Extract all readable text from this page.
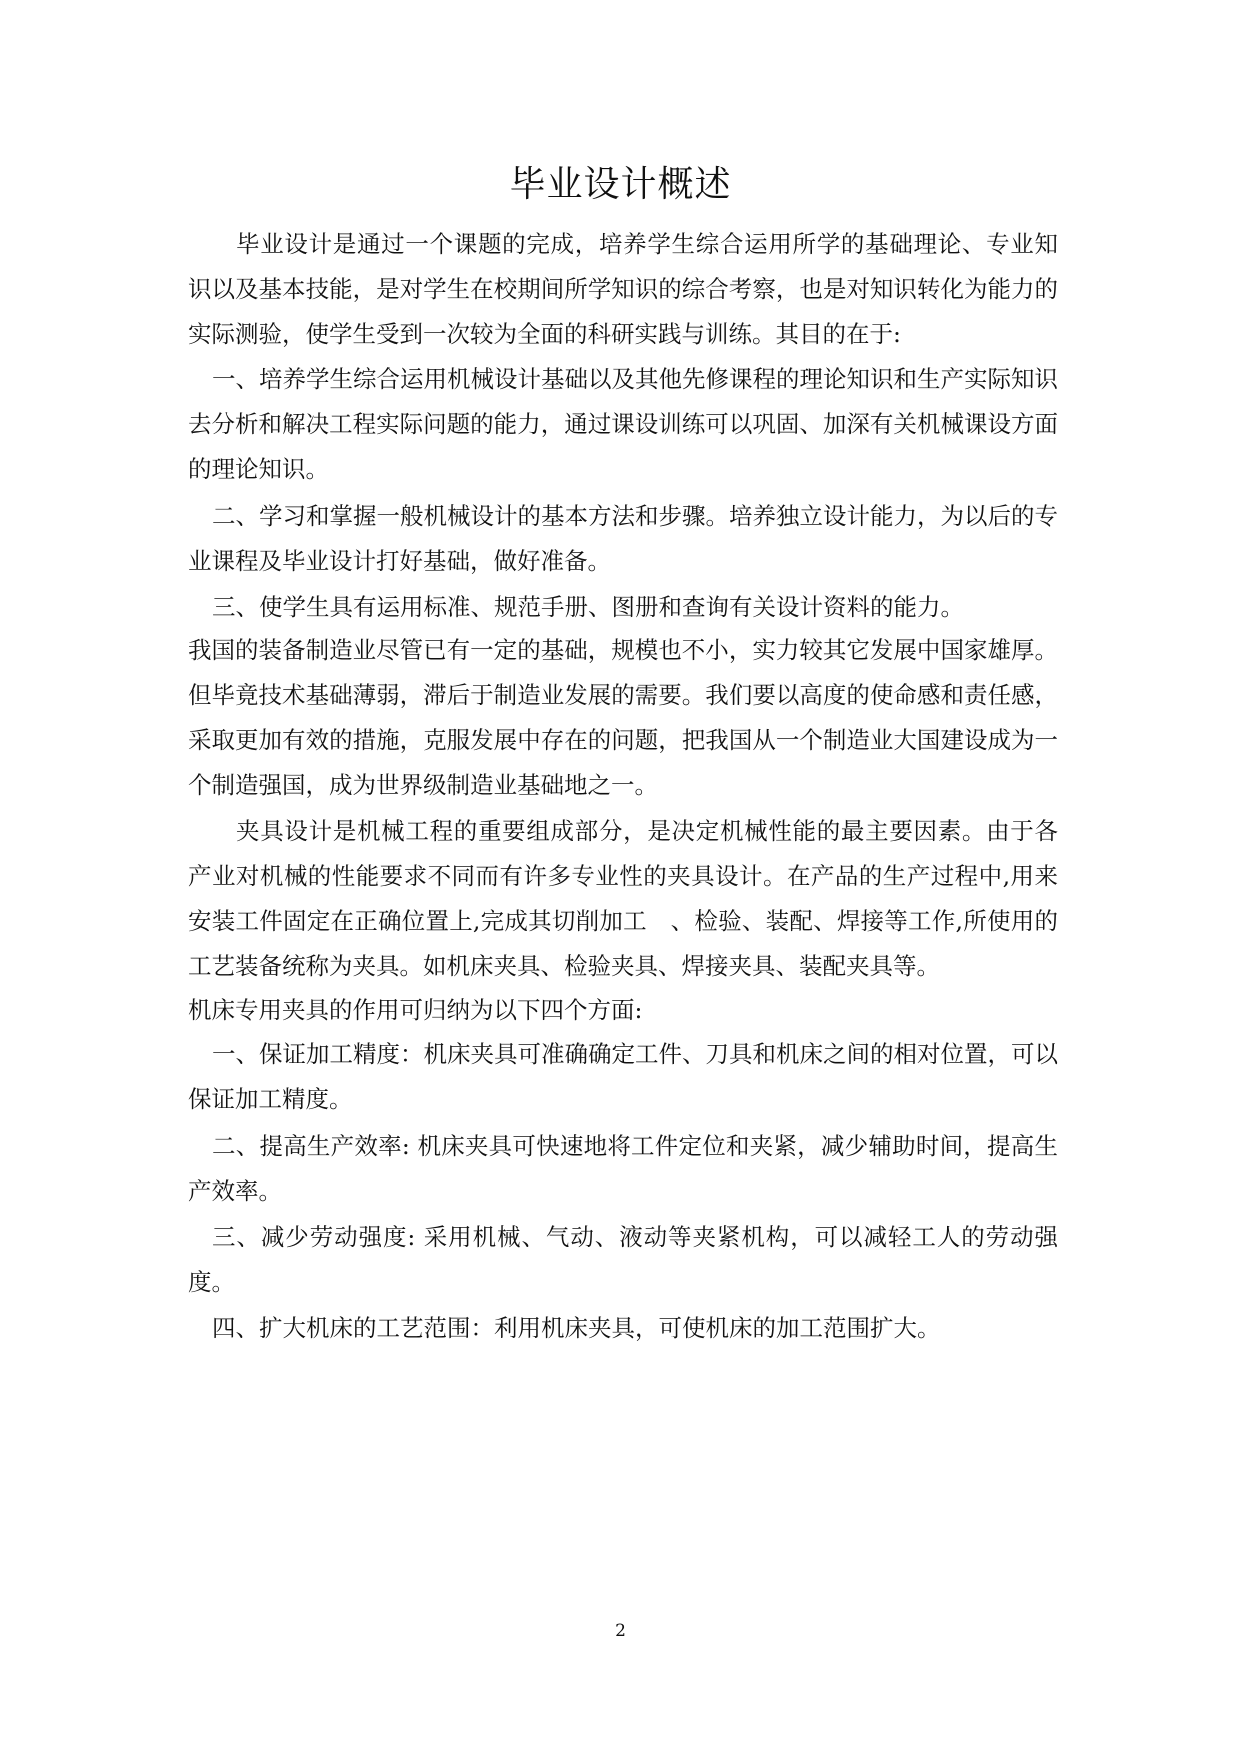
毕业设计概述

毕业设计是通过一个课题的完成，培养学生综合运用所学的基础理论、专业知识以及基本技能，是对学生在校期间所学知识的综合考察，也是对知识转化为能力的实际测验，使学生受到一次较为全面的科研实践与训练。其目的在于:

一、培养学生综合运用机械设计基础以及其他先修课程的理论知识和生产实际知识去分析和解决工程实际问题的能力，通过课设训练可以巩固、加深有关机械课设方面的理论知识。

二、学习和掌握一般机械设计的基本方法和步骤。培养独立设计能力，为以后的专业课程及毕业设计打好基础，做好准备。

三、使学生具有运用标准、规范手册、图册和查询有关设计资料的能力。

我国的装备制造业尽管已有一定的基础，规模也不小，实力较其它发展中国家雄厚。但毕竟技术基础薄弱，滞后于制造业发展的需要。我们要以高度的使命感和责任感，采取更加有效的措施，克服发展中存在的问题，把我国从一个制造业大国建设成为一个制造强国，成为世界级制造业基础地之一。

夹具设计是机械工程的重要组成部分，是决定机械性能的最主要因素。由于各产业对机械的性能要求不同而有许多专业性的夹具设计。在产品的生产过程中,用来安装工件固定在正确位置上,完成其切削加工　、检验、装配、焊接等工作,所使用的工艺装备统称为夹具。如机床夹具、检验夹具、焊接夹具、装配夹具等。

机床专用夹具的作用可归纳为以下四个方面:

一、保证加工精度：机床夹具可准确确定工件、刀具和机床之间的相对位置，可以保证加工精度。

二、提高生产效率: 机床夹具可快速地将工件定位和夹紧，减少辅助时间，提高生产效率。

三、减少劳动强度: 采用机械、气动、液动等夹紧机构，可以减轻工人的劳动强度。

四、扩大机床的工艺范围：利用机床夹具，可使机床的加工范围扩大。

2
